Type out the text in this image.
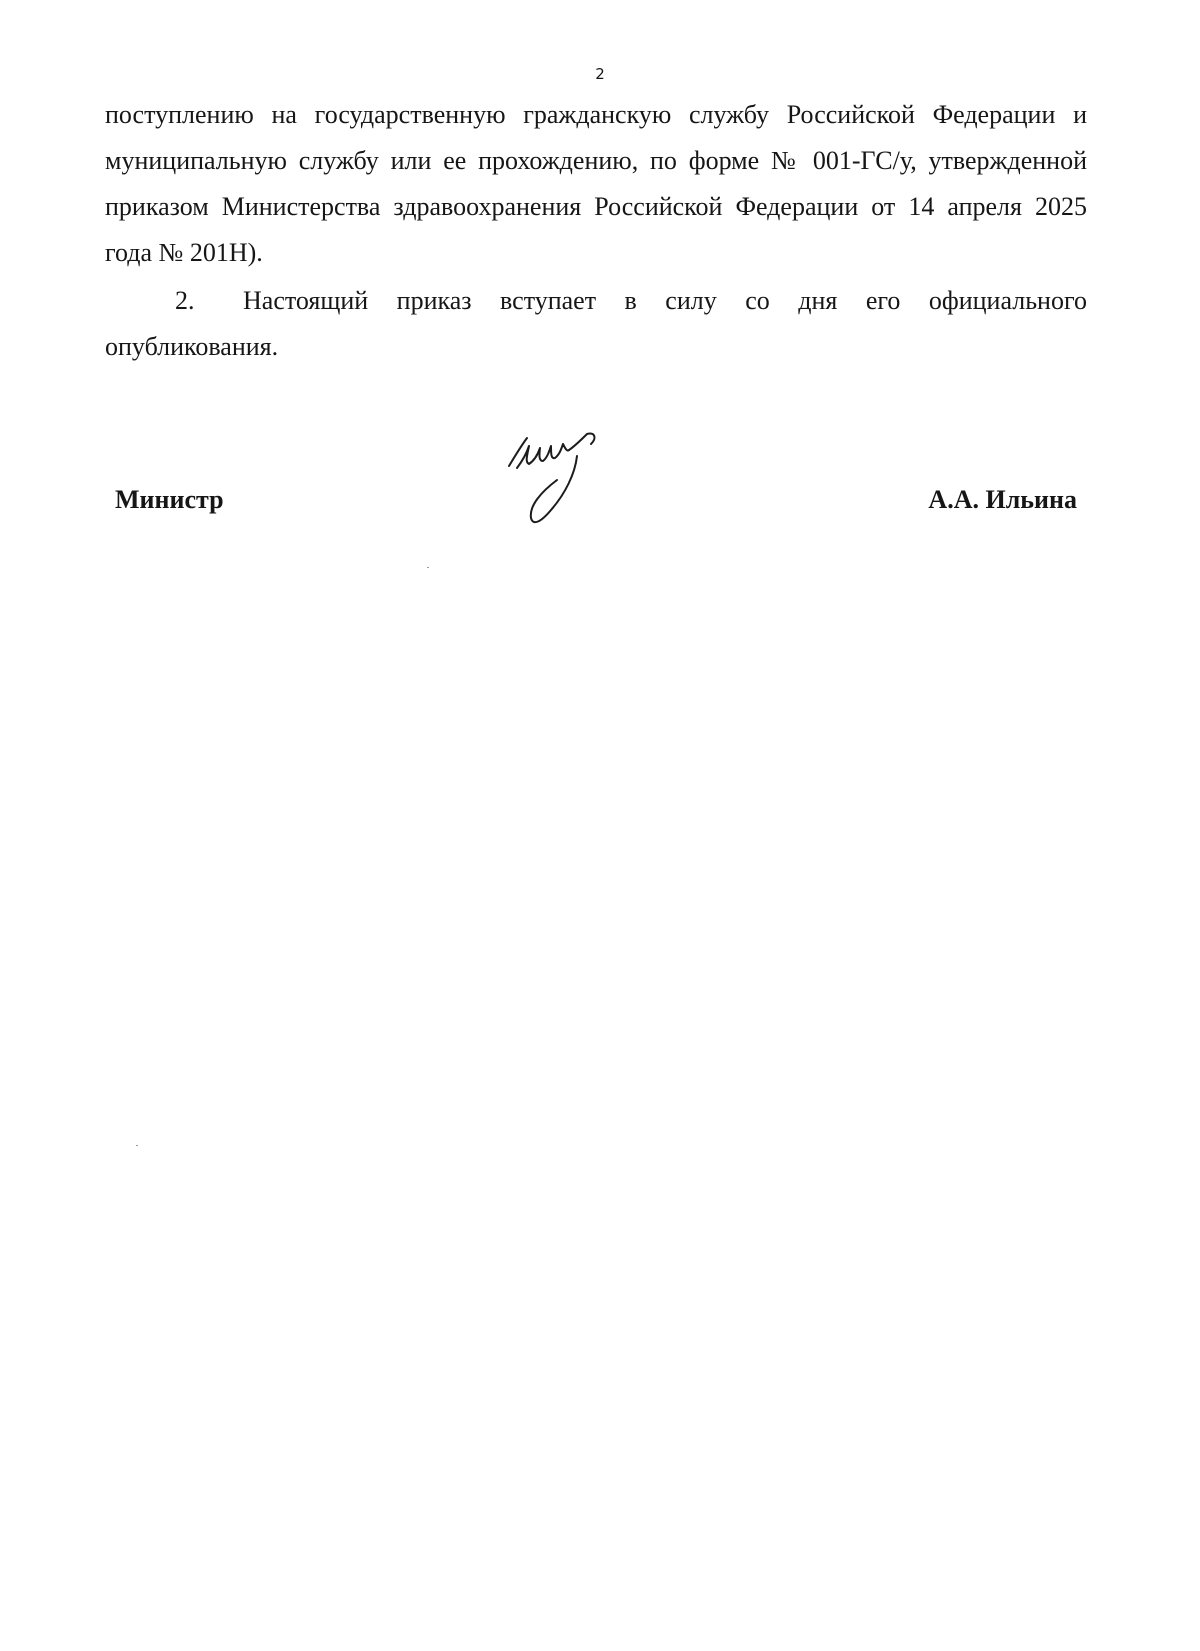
2

поступлению на государственную гражданскую службу Российской Федерации и муниципальную службу или ее прохождению, по форме № 001-ГС/у, утвержденной приказом Министерства здравоохранения Российской Федерации от 14 апреля 2025 года № 201Н).

2. Настоящий приказ вступает в силу со дня его официального опубликования.

Министр	А.А. Ильина
